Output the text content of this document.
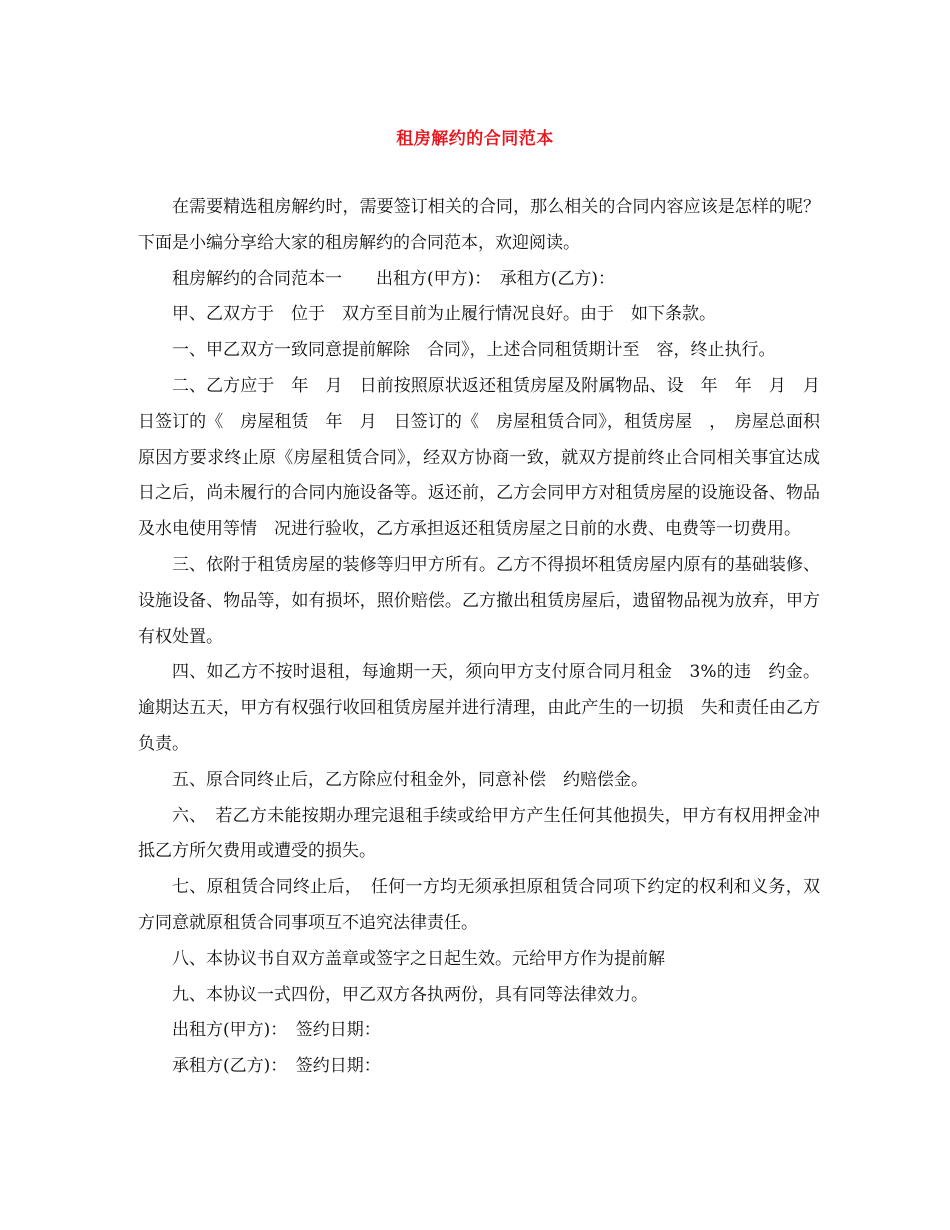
租房解约的合同范本

在需要精选租房解约时，需要签订相关的合同，那么相关的合同内容应该是怎样的呢？下面是小编分享给大家的租房解约的合同范本，欢迎阅读。

租房解约的合同范本一　　出租方(甲方)：　承租方(乙方)：

甲、乙双方于　位于　双方至目前为止履行情况良好。由于　如下条款。

一、甲乙双方一致同意提前解除　合同》，上述合同租赁期计至　容，终止执行。

二、乙方应于　年　月　日前按照原状返还租赁房屋及附属物品、设　年　年　月　月　日签订的《　房屋租赁　年　月　日签订的《　房屋租赁合同》，租赁房屋　，　房屋总面积　原因方要求终止原《房屋租赁合同》，经双方协商一致，就双方提前终止合同相关事宜达成日之后，尚未履行的合同内施设备等。返还前，乙方会同甲方对租赁房屋的设施设备、物品及水电使用等情　况进行验收，乙方承担返还租赁房屋之日前的水费、电费等一切费用。

三、依附于租赁房屋的装修等归甲方所有。乙方不得损坏租赁房屋内原有的基础装修、设施设备、物品等，如有损坏，照价赔偿。乙方撤出租赁房屋后，遗留物品视为放弃，甲方有权处置。

四、如乙方不按时退租，每逾期一天，须向甲方支付原合同月租金　3%的违　约金。逾期达五天，甲方有权强行收回租赁房屋并进行清理，由此产生的一切损　失和责任由乙方负责。

五、原合同终止后，乙方除应付租金外，同意补偿　约赔偿金。

六、　若乙方未能按期办理完退租手续或给甲方产生任何其他损失，甲方有权用押金冲抵乙方所欠费用或遭受的损失。

七、原租赁合同终止后，　任何一方均无须承担原租赁合同项下约定的权利和义务，双方同意就原租赁合同事项互不追究法律责任。

八、本协议书自双方盖章或签字之日起生效。元给甲方作为提前解

九、本协议一式四份，甲乙双方各执两份，具有同等法律效力。

出租方(甲方)：　签约日期：

承租方(乙方)：　签约日期：
